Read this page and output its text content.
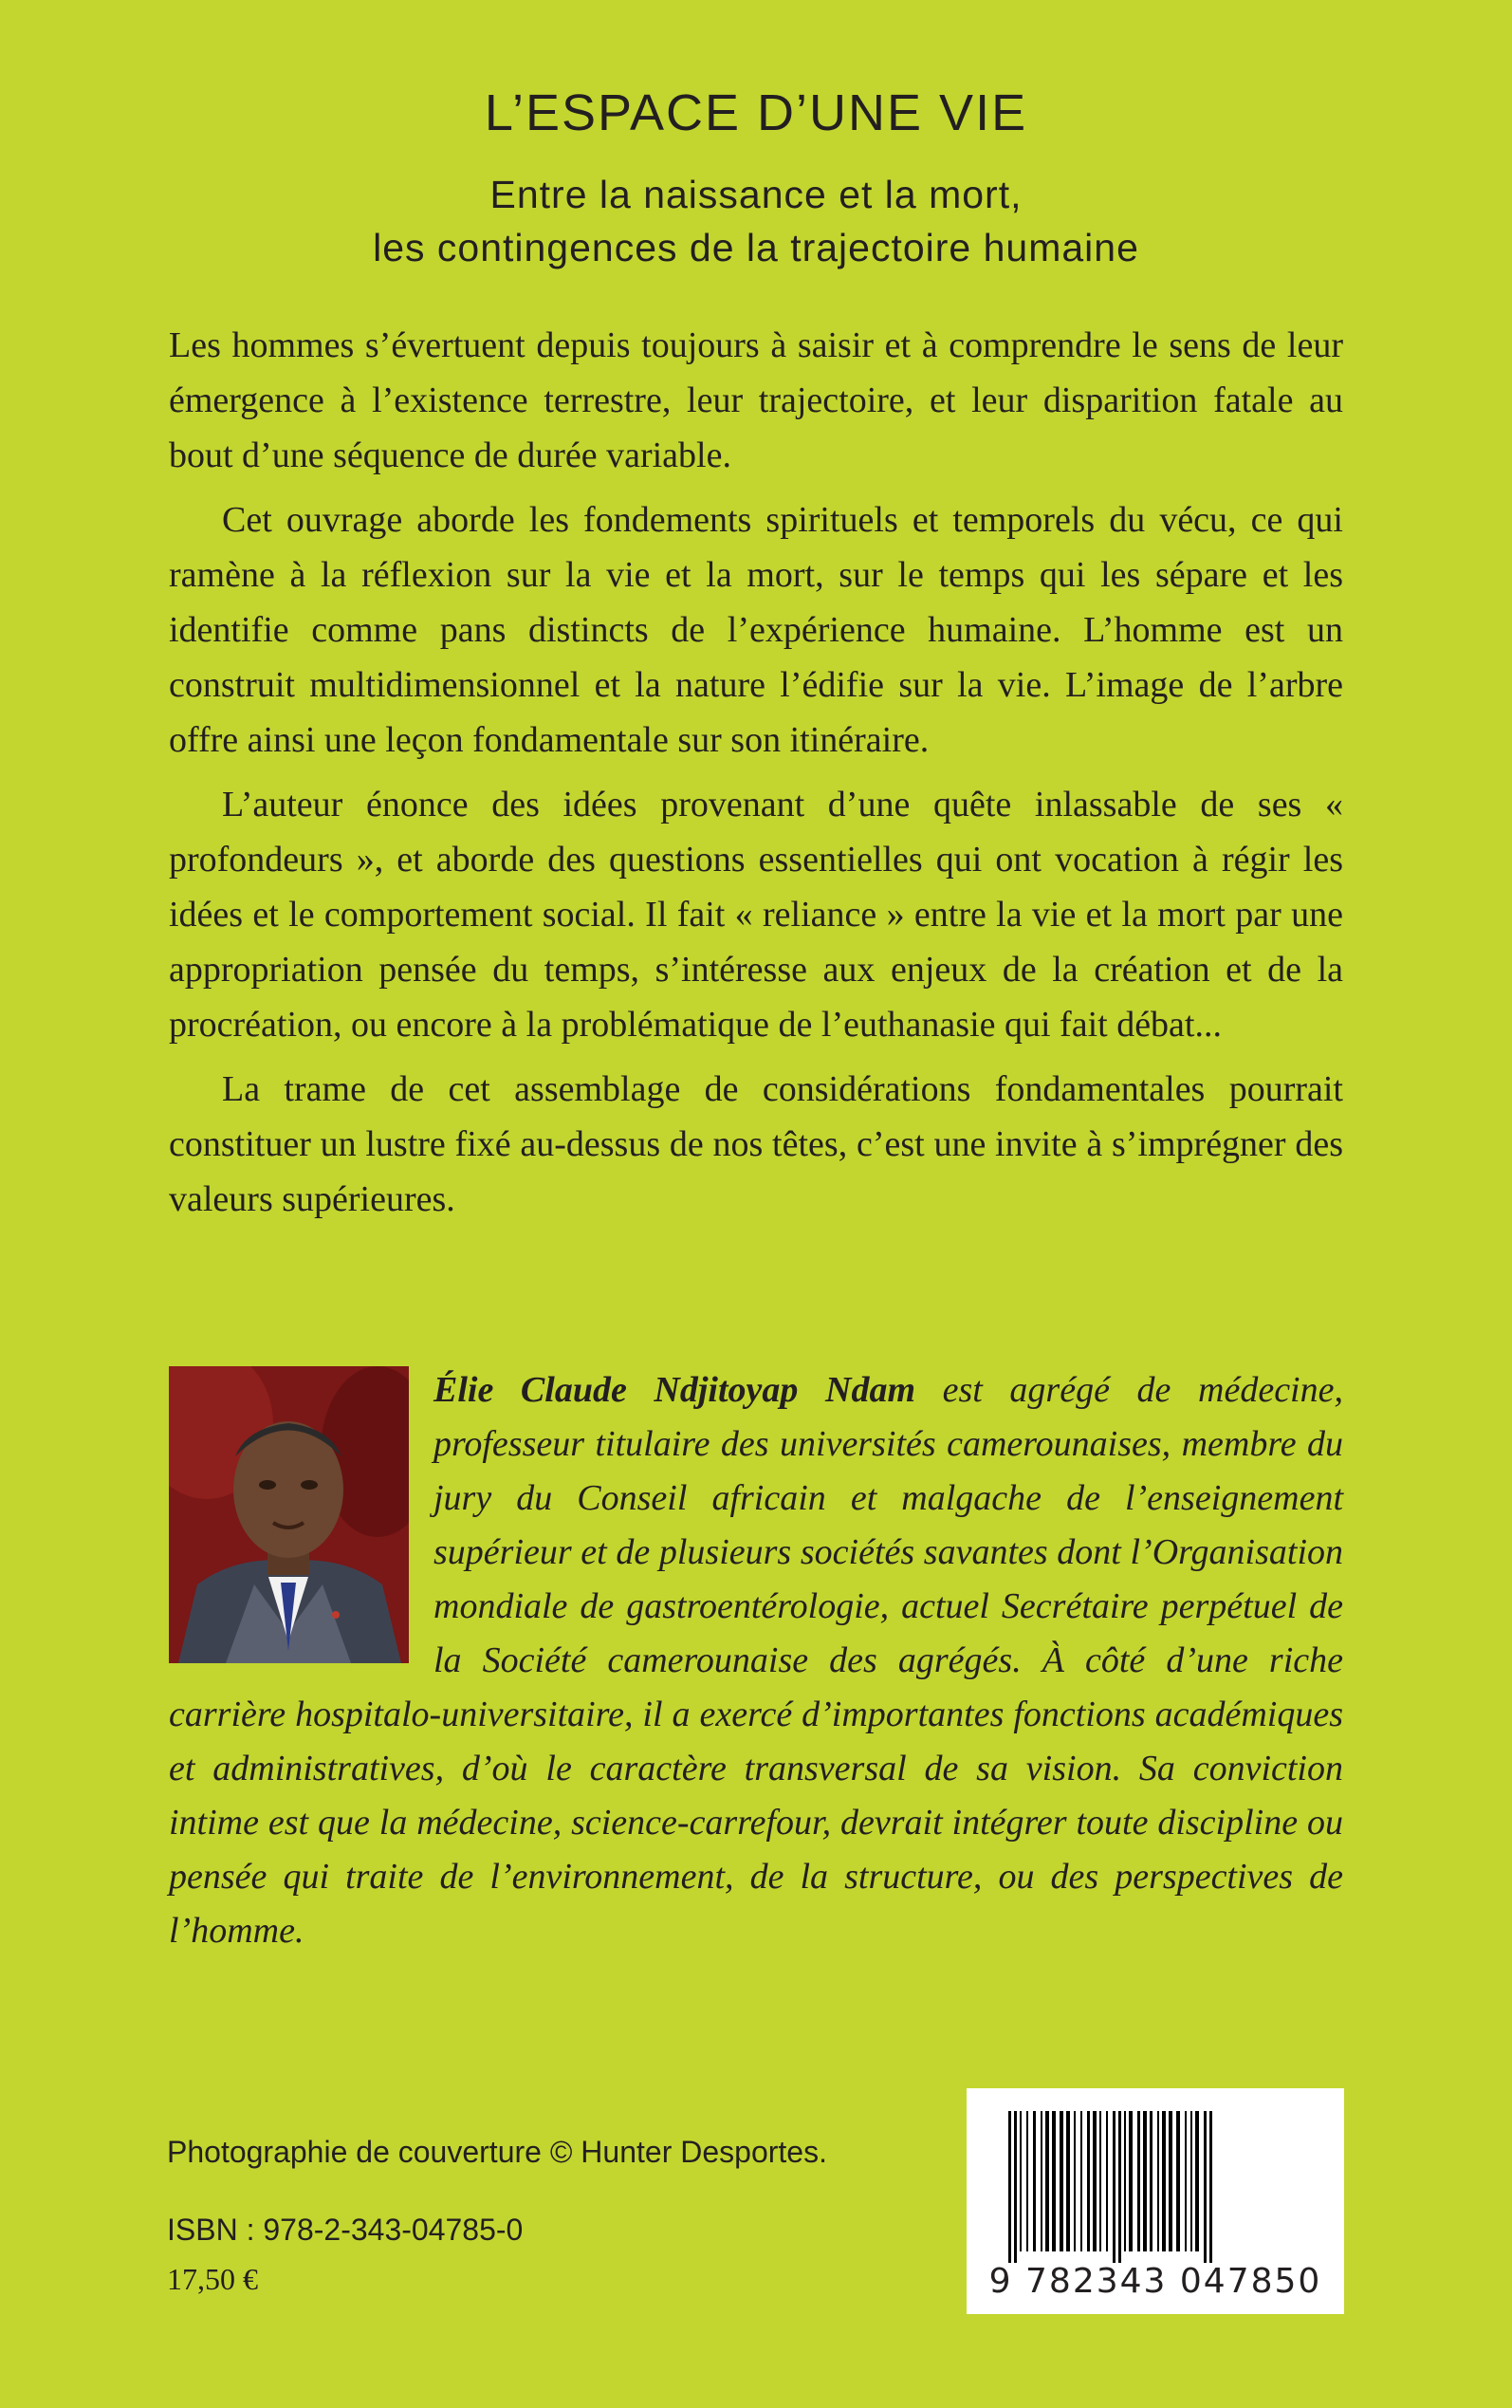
L’ESPACE D’UNE VIE

Entre la naissance et la mort,

les contingences de la trajectoire humaine

Les hommes s’évertuent depuis toujours à saisir et à comprendre le sens de leur émergence à l’existence terrestre, leur trajectoire, et leur disparition fatale au bout d’une séquence de durée variable.

Cet ouvrage aborde les fondements spirituels et temporels du vécu, ce qui ramène à la réflexion sur la vie et la mort, sur le temps qui les sépare et les identifie comme pans distincts de l’expérience humaine. L’homme est un construit multidimensionnel et la nature l’édifie sur la vie. L’image de l’arbre offre ainsi une leçon fondamentale sur son itinéraire.

L’auteur énonce des idées provenant d’une quête inlassable de ses « profondeurs », et aborde des questions essentielles qui ont vocation à régir les idées et le comportement social. Il fait « reliance » entre la vie et la mort par une appropriation pensée du temps, s’intéresse aux enjeux de la création et de la procréation, ou encore à la problématique de l’euthanasie qui fait débat...

La trame de cet assemblage de considérations fondamentales pourrait constituer un lustre fixé au-dessus de nos têtes, c’est une invite à s’imprégner des valeurs supérieures.

Élie Claude Ndjitoyap Ndam est agrégé de médecine, professeur titulaire des universités camerounaises, membre du jury du Conseil africain et malgache de l’enseignement supérieur et de plusieurs sociétés savantes dont l’Organisation mondiale de gastroentérologie, actuel Secrétaire perpétuel de la Société camerounaise des agrégés. À côté d’une riche carrière hospitalo-universitaire, il a exercé d’importantes fonctions académiques et administratives, d’où le caractère transversal de sa vision. Sa conviction intime est que la médecine, science-carrefour, devrait intégrer toute discipline ou pensée qui traite de l’environnement, de la structure, ou des perspectives de l’homme.

Photographie de couverture © Hunter Desportes.

ISBN : 978-2-343-04785-0

17,50 €	9 782343 047850
